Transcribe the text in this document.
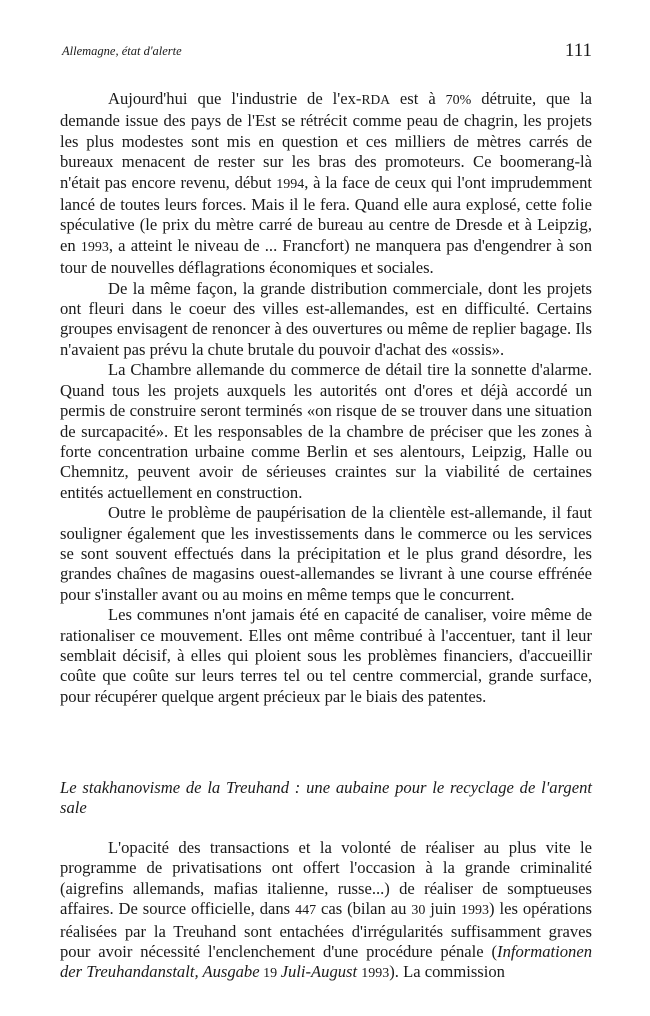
Allemagne, état d'alerte	111

Aujourd'hui que l'industrie de l'ex-RDA est à 70% détruite, que la demande issue des pays de l'Est se rétrécit comme peau de chagrin, les projets les plus modestes sont mis en question et ces milliers de mètres carrés de bureaux menacent de rester sur les bras des promoteurs. Ce boomerang-là n'était pas encore revenu, début 1994, à la face de ceux qui l'ont imprudemment lancé de toutes leurs forces. Mais il le fera. Quand elle aura explosé, cette folie spéculative (le prix du mètre carré de bureau au centre de Dresde et à Leipzig, en 1993, a atteint le niveau de ... Francfort) ne manquera pas d'engendrer à son tour de nouvelles déflagrations économiques et sociales.

De la même façon, la grande distribution commerciale, dont les projets ont fleuri dans le coeur des villes est-allemandes, est en difficulté. Certains groupes envisagent de renoncer à des ouvertures ou même de replier bagage. Ils n'avaient pas prévu la chute brutale du pouvoir d'achat des «ossis».

La Chambre allemande du commerce de détail tire la sonnette d'alarme. Quand tous les projets auxquels les autorités ont d'ores et déjà accordé un permis de construire seront terminés «on risque de se trouver dans une situation de surcapacité». Et les responsables de la chambre de préciser que les zones à forte concentration urbaine comme Berlin et ses alentours, Leipzig, Halle ou Chemnitz, peuvent avoir de sérieuses craintes sur la viabilité de certaines entités actuellement en construction.

Outre le problème de paupérisation de la clientèle est-allemande, il faut souligner également que les investissements dans le commerce ou les services se sont souvent effectués dans la précipitation et le plus grand désordre, les grandes chaînes de magasins ouest-allemandes se livrant à une course effrénée pour s'installer avant ou au moins en même temps que le concurrent.

Les communes n'ont jamais été en capacité de canaliser, voire même de rationaliser ce mouvement. Elles ont même contribué à l'accentuer, tant il leur semblait décisif, à elles qui ploient sous les problèmes financiers, d'accueillir coûte que coûte sur leurs terres tel ou tel centre commercial, grande surface, pour récupérer quelque argent précieux par le biais des patentes.

Le stakhanovisme de la Treuhand : une aubaine pour le recyclage de l'argent sale

L'opacité des transactions et la volonté de réaliser au plus vite le programme de privatisations ont offert l'occasion à la grande criminalité (aigrefins allemands, mafias italienne, russe...) de réaliser de somptueuses affaires. De source officielle, dans 447 cas (bilan au 30 juin 1993) les opérations réalisées par la Treuhand sont entachées d'irrégularités suffisamment graves pour avoir nécessité l'enclenchement d'une procédure pénale (Informationen der Treuhandanstalt, Ausgabe 19 Juli-August 1993). La commission
